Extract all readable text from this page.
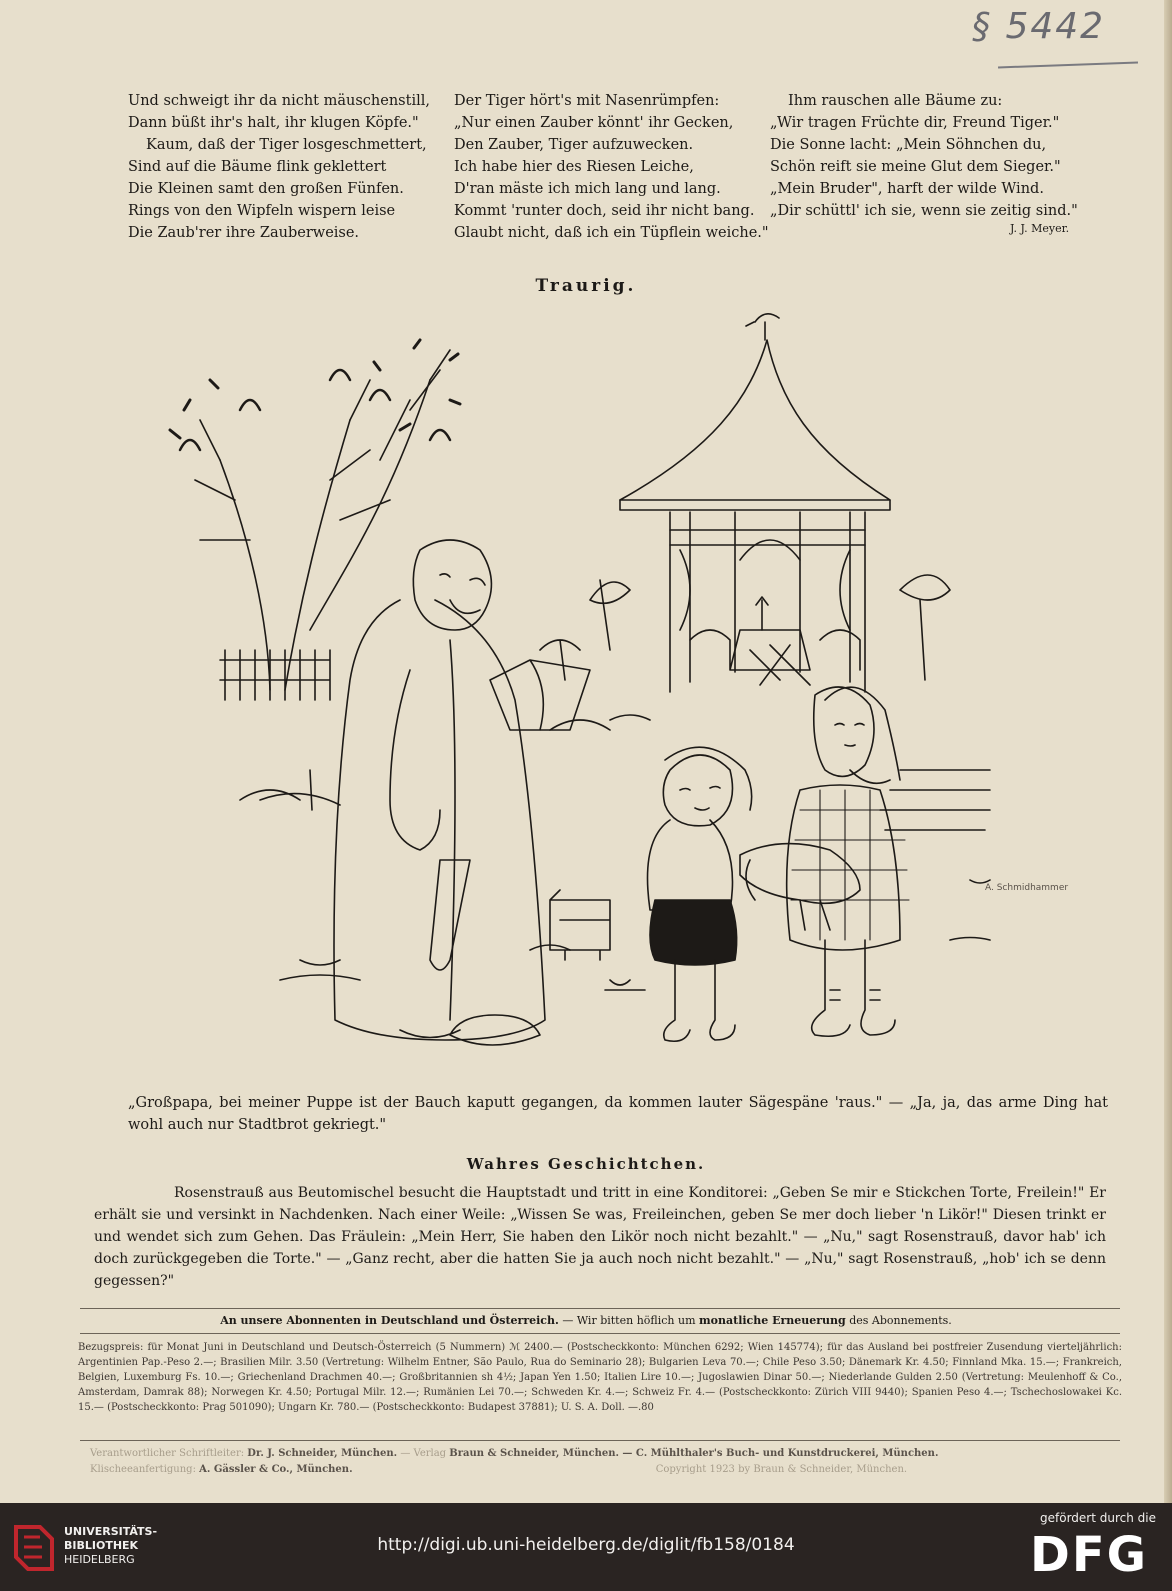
§ 5442
Und schweigt ihr da nicht mäuschenstill,
Dann büßt ihr's halt, ihr klugen Köpfe."
Kaum, daß der Tiger losgeschmettert,
Sind auf die Bäume flink geklettert
Die Kleinen samt den großen Fünfen.
Rings von den Wipfeln wispern leise
Die Zaub'rer ihre Zauberweise.
Der Tiger hört's mit Nasenrümpfen:
„Nur einen Zauber könnt' ihr Gecken,
Den Zauber, Tiger aufzuwecken.
Ich habe hier des Riesen Leiche,
D'ran mäste ich mich lang und lang.
Kommt 'runter doch, seid ihr nicht bang.
Glaubt nicht, daß ich ein Tüpflein weiche."
Ihm rauschen alle Bäume zu:
„Wir tragen Früchte dir, Freund Tiger."
Die Sonne lacht: „Mein Söhnchen du,
Schön reift sie meine Glut dem Sieger."
„Mein Bruder", harft der wilde Wind.
„Dir schüttl' ich sie, wenn sie zeitig sind."
J. J. Meyer.
Traurig.
A. Schmidhammer
„Großpapa, bei meiner Puppe ist der Bauch kaputt gegangen, da kommen lauter Sägespäne 'raus." — „Ja, ja, das arme Ding hat wohl auch nur Stadtbrot gekriegt."
Wahres Geschichtchen.
Rosenstrauß aus Beutomischel besucht die Hauptstadt und tritt in eine Konditorei: „Geben Se mir e Stickchen Torte, Freilein!" Er erhält sie und versinkt in Nachdenken. Nach einer Weile: „Wissen Se was, Freileinchen, geben Se mer doch lieber 'n Likör!" Diesen trinkt er und wendet sich zum Gehen. Das Fräulein: „Mein Herr, Sie haben den Likör noch nicht bezahlt." — „Nu," sagt Rosenstrauß, davor hab' ich doch zurückgegeben die Torte." — „Ganz recht, aber die hatten Sie ja auch noch nicht bezahlt." — „Nu," sagt Rosenstrauß, „hob' ich se denn gegessen?"
An unsere Abonnenten in Deutschland und Österreich. — Wir bitten höflich um monatliche Erneuerung des Abonnements.
Bezugspreis: für Monat Juni in Deutschland und Deutsch-Österreich (5 Nummern) ℳ 2400.— (Postscheckkonto: München 6292; Wien 145774); für das Ausland bei postfreier Zusendung vierteljährlich: Argentinien Pap.-Peso 2.—; Brasilien Milr. 3.50 (Vertretung: Wilhelm Entner, São Paulo, Rua do Seminario 28); Bulgarien Leva 70.—; Chile Peso 3.50; Dänemark Kr. 4.50; Finnland Mka. 15.—; Frankreich, Belgien, Luxemburg Fs. 10.—; Griechenland Drachmen 40.—; Großbritannien sh 4½; Japan Yen 1.50; Italien Lire 10.—; Jugoslawien Dinar 50.—; Niederlande Gulden 2.50 (Vertretung: Meulenhoff & Co., Amsterdam, Damrak 88); Norwegen Kr. 4.50; Portugal Milr. 12.—; Rumänien Lei 70.—; Schweden Kr. 4.—; Schweiz Fr. 4.— (Postscheckkonto: Zürich VIII 9440); Spanien Peso 4.—; Tschechoslowakei Kc. 15.— (Postscheckkonto: Prag 501090); Ungarn Kr. 780.— (Postscheckkonto: Budapest 37881); U. S. A. Doll. —.80
Verantwortlicher Schriftleiter: Dr. J. Schneider, München. — Verlag Braun & Schneider, München. — C. Mühlthaler's Buch- und Kunstdruckerei, München.
Klischeeanfertigung: A. Gässler & Co., München.	Copyright 1923 by Braun & Schneider, München.
UNIVERSITÄTS-
BIBLIOTHEK
HEIDELBERG
http://digi.ub.uni-heidelberg.de/diglit/fb158/0184
gefördert durch die
DFG
